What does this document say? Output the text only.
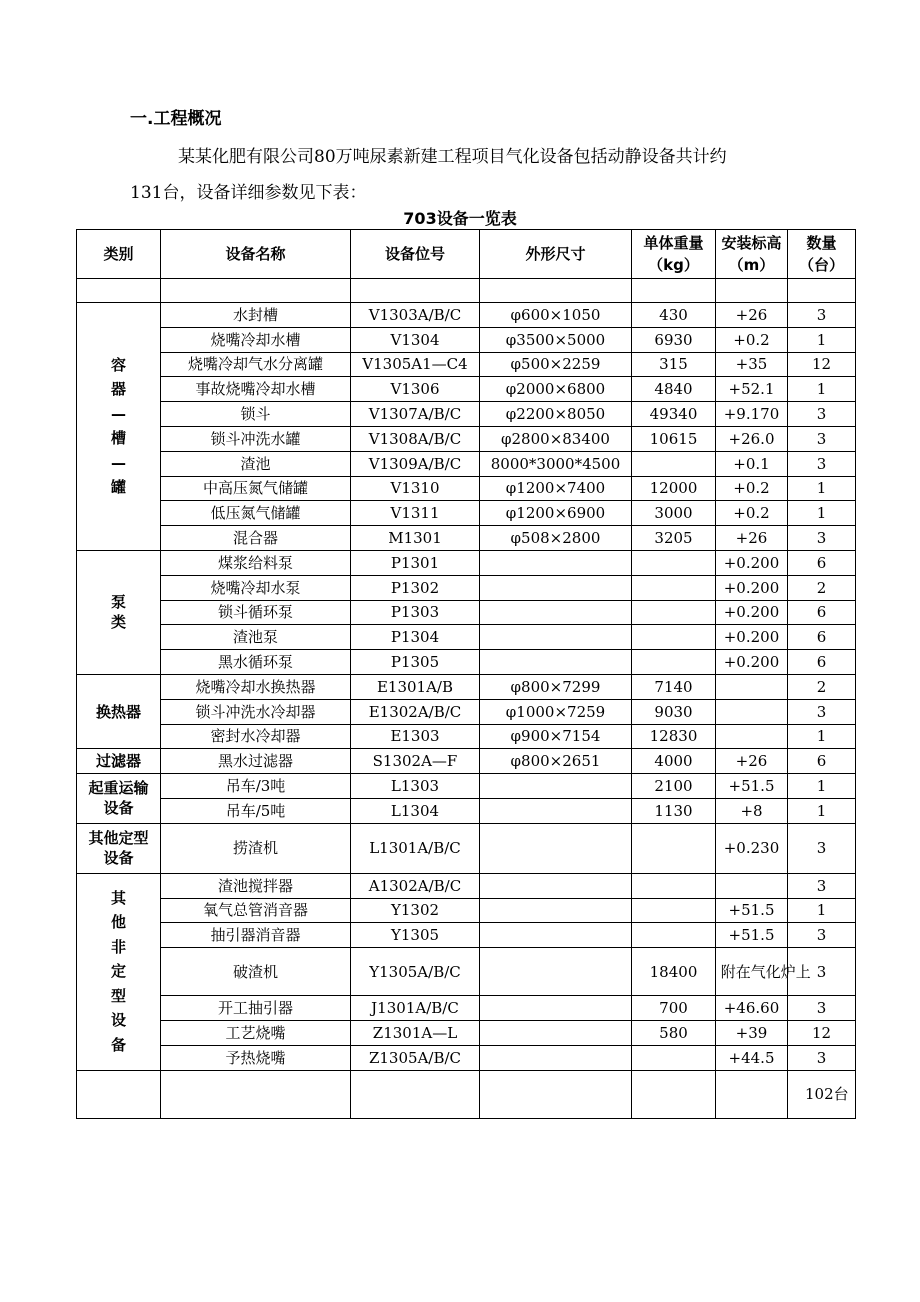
一.工程概况
某某化肥有限公司80万吨尿素新建工程项目气化设备包括动静设备共计约
131台，设备详细参数见下表：
703设备一览表
类别	设备名称	设备位号	外形尺寸	单体重量（kg）	安装标高（m）	数量（台）

容器—槽—罐	水封槽	V1303A/B/C	φ600×1050	430	+26	3
	烧嘴冷却水槽	V1304	φ3500×5000	6930	+0.2	1
	烧嘴冷却气水分离罐	V1305A1—C4	φ500×2259	315	+35	12
	事故烧嘴冷却水槽	V1306	φ2000×6800	4840	+52.1	1
	锁斗	V1307A/B/C	φ2200×8050	49340	+9.170	3
	锁斗冲洗水罐	V1308A/B/C	φ2800×83400	10615	+26.0	3
	渣池	V1309A/B/C	8000*3000*4500		+0.1	3
	中高压氮气储罐	V1310	φ1200×7400	12000	+0.2	1
	低压氮气储罐	V1311	φ1200×6900	3000	+0.2	1
	混合器	M1301	φ508×2800	3205	+26	3
泵类	煤浆给料泵	P1301			+0.200	6
	烧嘴冷却水泵	P1302			+0.200	2
	锁斗循环泵	P1303			+0.200	6
	渣池泵	P1304			+0.200	6
	黑水循环泵	P1305			+0.200	6
换热器	烧嘴冷却水换热器	E1301A/B	φ800×7299	7140		2
	锁斗冲洗水冷却器	E1302A/B/C	φ1000×7259	9030		3
	密封水冷却器	E1303	φ900×7154	12830		1
过滤器	黑水过滤器	S1302A—F	φ800×2651	4000	+26	6
起重运输设备	吊车/3吨	L1303		2100	+51.5	1
	吊车/5吨	L1304		1130	+8	1
其他定型设备	捞渣机	L1301A/B/C			+0.230	3
其他非定型设备	渣池搅拌器	A1302A/B/C				3
	氧气总管消音器	Y1302			+51.5	1
	抽引器消音器	Y1305			+51.5	3
	破渣机	Y1305A/B/C		18400	附在气化炉上	3
	开工抽引器	J1301A/B/C		700	+46.60	3
	工艺烧嘴	Z1301A—L		580	+39	12
	予热烧嘴	Z1305A/B/C			+44.5	3
						102台
